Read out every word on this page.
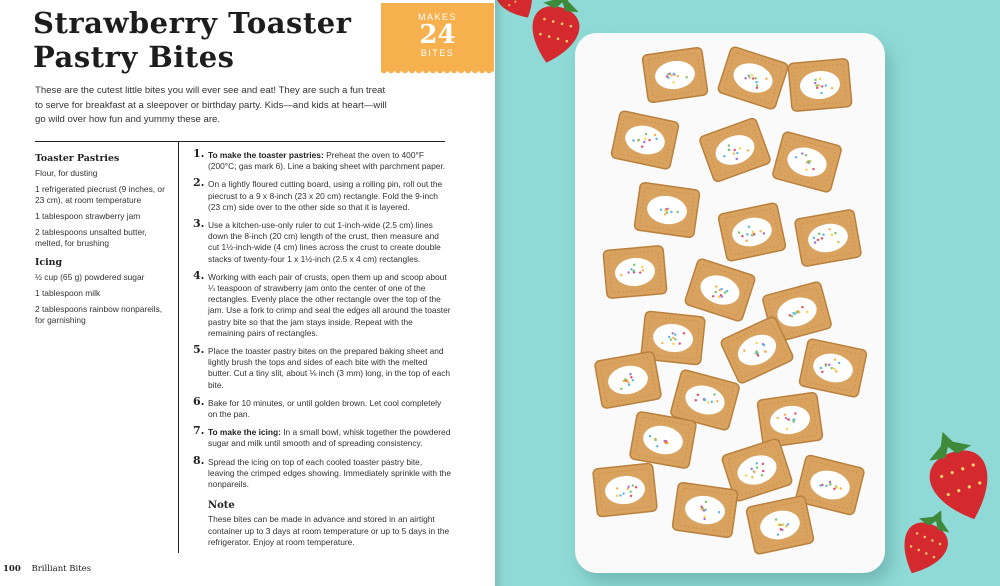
Strawberry Toaster
Pastry Bites
MAKES
24
BITES

These are the cutest little bites you will ever see and eat! They are such a fun treat to serve for breakfast at a sleepover or birthday party. Kids—and kids at heart—will go wild over how fun and yummy these are.

Toaster Pastries
Flour, for dusting
1 refrigerated piecrust (9 inches, or 23 cm), at room temperature
1 tablespoon strawberry jam
2 tablespoons unsalted butter, melted, for brushing
Icing
½ cup (65 g) powdered sugar
1 tablespoon milk
2 tablespoons rainbow nonpareils, for garnishing
1. To make the toaster pastries: Preheat the oven to 400°F (200°C; gas mark 6). Line a baking sheet with parchment paper.
2. On a lightly floured cutting board, using a rolling pin, roll out the piecrust to a 9 x 8-inch (23 x 20 cm) rectangle. Fold the 9-inch (23 cm) side over to the other side so that it is layered.
3. Use a kitchen-use-only ruler to cut 1-inch-wide (2.5 cm) lines down the 8-inch (20 cm) length of the crust, then measure and cut 1½-inch-wide (4 cm) lines across the crust to create double stacks of twenty-four 1 x 1½-inch (2.5 x 4 cm) rectangles.
4. Working with each pair of crusts, open them up and scoop about ¼ teaspoon of strawberry jam onto the center of one of the rectangles. Evenly place the other rectangle over the top of the jam. Use a fork to crimp and seal the edges all around the toaster pastry bite so that the jam stays inside. Repeat with the remaining pairs of rectangles.
5. Place the toaster pastry bites on the prepared baking sheet and lightly brush the tops and sides of each bite with the melted butter. Cut a tiny slit, about ⅛ inch (3 mm) long, in the top of each bite.
6. Bake for 10 minutes, or until golden brown. Let cool completely on the pan.
7. To make the icing: In a small bowl, whisk together the powdered sugar and milk until smooth and of spreading consistency.
8. Spread the icing on top of each cooled toaster pastry bite, leaving the crimped edges showing. Immediately sprinkle with the nonpareils.
Note
These bites can be made in advance and stored in an airtight container up to 3 days at room temperature or up to 5 days in the refrigerator. Enjoy at room temperature.
100 Brilliant Bites
